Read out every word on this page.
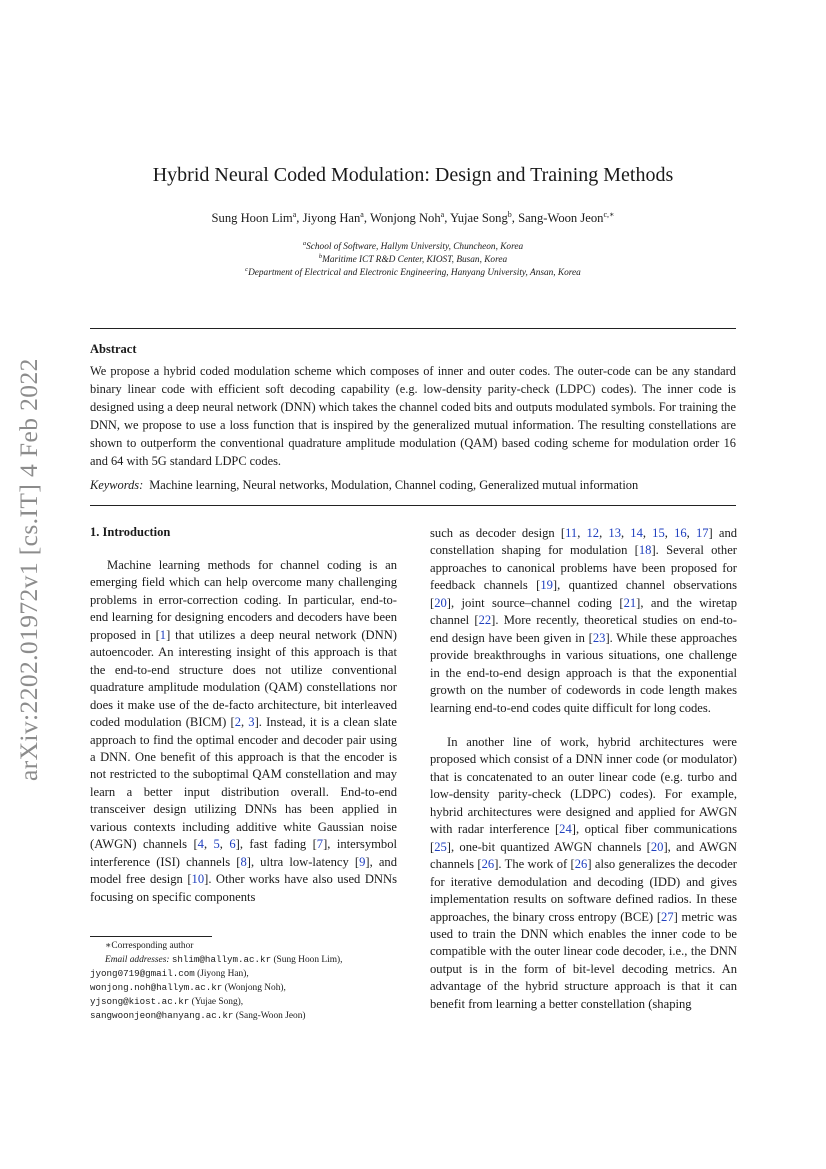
arXiv:2202.01972v1 [cs.IT] 4 Feb 2022
Hybrid Neural Coded Modulation: Design and Training Methods
Sung Hoon Lim$^a$, Jiyong Han$^a$, Wonjong Noh$^a$, Yujae Song$^b$, Sang-Woon Jeon$^{c,∗}$
$^a$School of Software, Hallym University, Chuncheon, Korea
$^b$Maritime ICT R&D Center, KIOST, Busan, Korea
$^c$Department of Electrical and Electronic Engineering, Hanyang University, Ansan, Korea
Abstract
We propose a hybrid coded modulation scheme which composes of inner and outer codes. The outer-code can be any standard binary linear code with efficient soft decoding capability (e.g. low-density parity-check (LDPC) codes). The inner code is designed using a deep neural network (DNN) which takes the channel coded bits and outputs modulated symbols. For training the DNN, we propose to use a loss function that is inspired by the generalized mutual information. The resulting constellations are shown to outperform the conventional quadrature amplitude modulation (QAM) based coding scheme for modulation order 16 and 64 with 5G standard LDPC codes.
Keywords: Machine learning, Neural networks, Modulation, Channel coding, Generalized mutual information
1. Introduction

Machine learning methods for channel coding is an emerging field which can help overcome many challenging problems in error-correction coding. In particular, end-to-end learning for designing encoders and decoders have been proposed in [1] that utilizes a deep neural network (DNN) autoencoder. An interesting insight of this approach is that the end-to-end structure does not utilize conventional quadrature amplitude modulation (QAM) constellations nor does it make use of the de-facto architecture, bit interleaved coded modulation (BICM) [2, 3]. Instead, it is a clean slate approach to find the optimal encoder and decoder pair using a DNN. One benefit of this approach is that the encoder is not restricted to the suboptimal QAM constellation and may learn a better input distribution overall. End-to-end transceiver design utilizing DNNs has been applied in various contexts including additive white Gaussian noise (AWGN) channels [4, 5, 6], fast fading [7], intersymbol interference (ISI) channels [8], ultra low-latency [9], and model free design [10]. Other works have also used DNNs focusing on specific components

such as decoder design [11, 12, 13, 14, 15, 16, 17] and constellation shaping for modulation [18]. Several other approaches to canonical problems have been proposed for feedback channels [19], quantized channel observations [20], joint source–channel coding [21], and the wiretap channel [22]. More recently, theoretical studies on end-to-end design have been given in [23]. While these approaches provide breakthroughs in various situations, one challenge in the end-to-end design approach is that the exponential growth on the number of codewords in code length makes learning end-to-end codes quite difficult for long codes.

In another line of work, hybrid architectures were proposed which consist of a DNN inner code (or modulator) that is concatenated to an outer linear code (e.g. turbo and low-density parity-check (LDPC) codes). For example, hybrid architectures were designed and applied for AWGN with radar interference [24], optical fiber communications [25], one-bit quantized AWGN channels [20], and AWGN channels [26]. The work of [26] also generalizes the decoder for iterative demodulation and decoding (IDD) and gives implementation results on software defined radios. In these approaches, the binary cross entropy (BCE) [27] metric was used to train the DNN which enables the inner code to be compatible with the outer linear code decoder, i.e., the DNN output is in the form of bit-level decoding metrics. An advantage of the hybrid structure approach is that it can benefit from learning a better constellation (shaping

∗Corresponding author
Email addresses: shlim@hallym.ac.kr (Sung Hoon Lim),
jyong0719@gmail.com (Jiyong Han),
wonjong.noh@hallym.ac.kr (Wonjong Noh),
yjsong@kiost.ac.kr (Yujae Song),
sangwoonjeon@hanyang.ac.kr (Sang-Woon Jeon)
